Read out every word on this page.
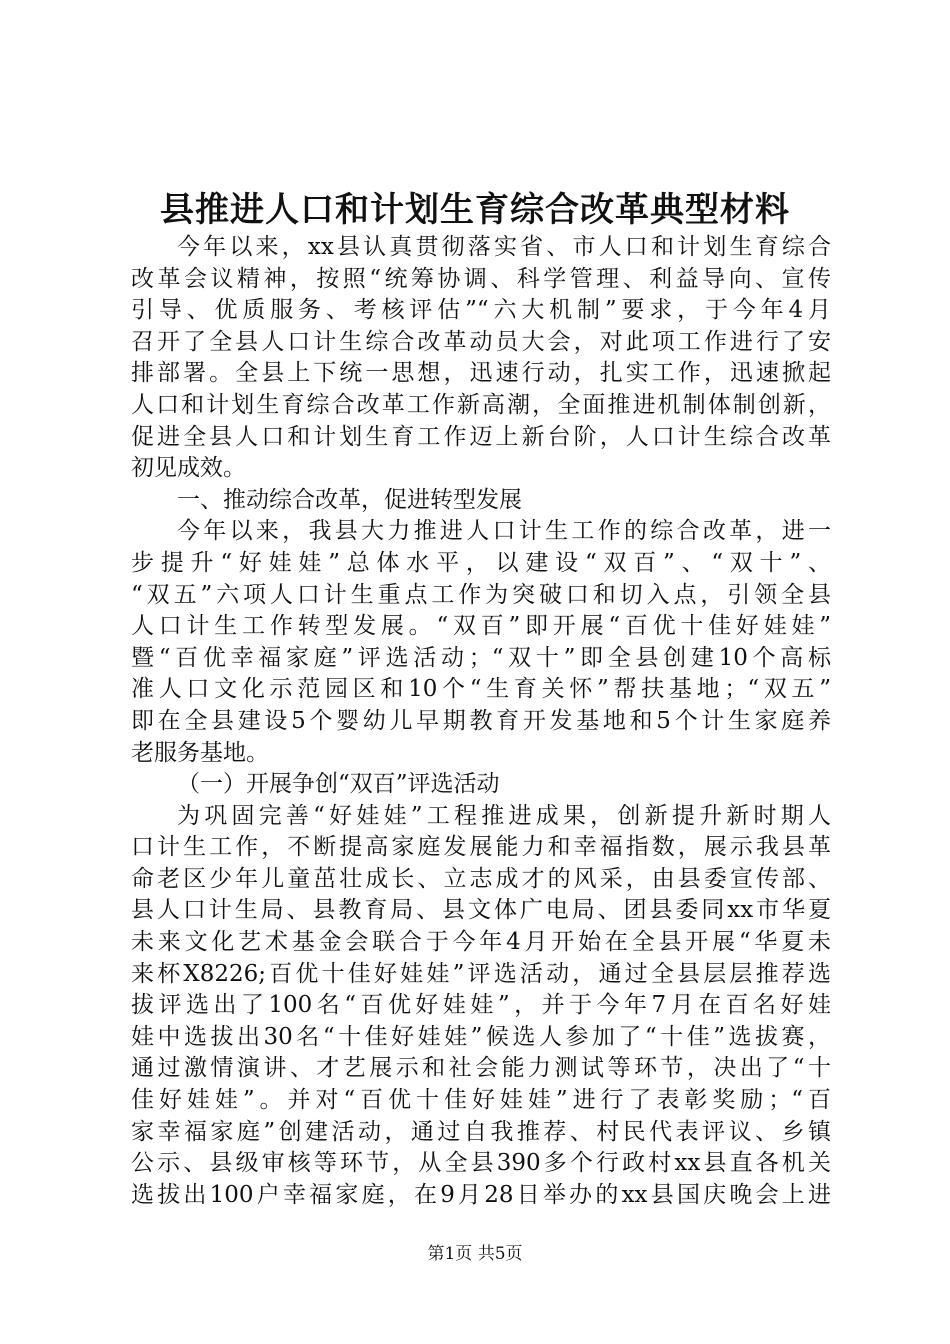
县推进人口和计划生育综合改革典型材料
今年以来，xx县认真贯彻落实省、市人口和计划生育综合
改革会议精神，按照“统筹协调、科学管理、利益导向、宣传
引导、优质服务、考核评估”“六大机制”要求，于今年4月
召开了全县人口计生综合改革动员大会，对此项工作进行了安
排部署。全县上下统一思想，迅速行动，扎实工作，迅速掀起
人口和计划生育综合改革工作新高潮，全面推进机制体制创新，
促进全县人口和计划生育工作迈上新台阶，人口计生综合改革
初见成效。
一、推动综合改革，促进转型发展
今年以来，我县大力推进人口计生工作的综合改革，进一
步提升“好娃娃”总体水平，以建设“双百”、“双十”、
“双五”六项人口计生重点工作为突破口和切入点，引领全县
人口计生工作转型发展。“双百”即开展“百优十佳好娃娃”
暨“百优幸福家庭”评选活动；“双十”即全县创建10个高标
准人口文化示范园区和10个“生育关怀”帮扶基地；“双五”
即在全县建设5个婴幼儿早期教育开发基地和5个计生家庭养
老服务基地。
（一）开展争创“双百”评选活动
为巩固完善“好娃娃”工程推进成果，创新提升新时期人
口计生工作，不断提高家庭发展能力和幸福指数，展示我县革
命老区少年儿童茁壮成长、立志成才的风采，由县委宣传部、
县人口计生局、县教育局、县文体广电局、团县委同xx市华夏
未来文化艺术基金会联合于今年4月开始在全县开展“华夏未
来杯X8226;百优十佳好娃娃”评选活动，通过全县层层推荐选
拔评选出了100名“百优好娃娃”，并于今年7月在百名好娃
娃中选拔出30名“十佳好娃娃”候选人参加了“十佳”选拔赛，
通过激情演讲、才艺展示和社会能力测试等环节，决出了“十
佳好娃娃”。并对“百优十佳好娃娃”进行了表彰奖励；“百
家幸福家庭”创建活动，通过自我推荐、村民代表评议、乡镇
公示、县级审核等环节，从全县390多个行政村xx县直各机关
选拔出100户幸福家庭，在9月28日举办的xx县国庆晚会上进
第1页 共5页
